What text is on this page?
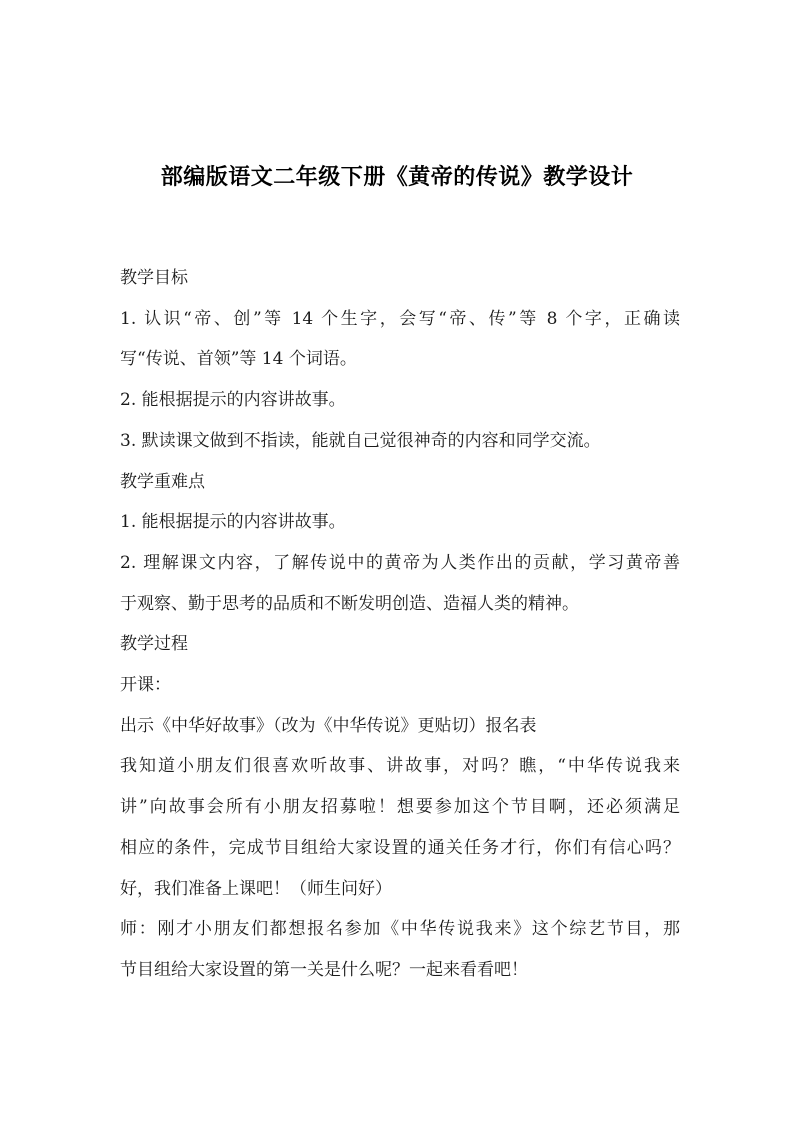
部编版语文二年级下册《黄帝的传说》教学设计
教学目标
1. 认识“帝、创”等 14 个生字，会写“帝、传”等 8 个字，正确读
写“传说、首领”等 14 个词语。
2. 能根据提示的内容讲故事。
3. 默读课文做到不指读，能就自己觉很神奇的内容和同学交流。
教学重难点
1. 能根据提示的内容讲故事。
2. 理解课文内容，了解传说中的黄帝为人类作出的贡献，学习黄帝善
于观察、勤于思考的品质和不断发明创造、造福人类的精神。
教学过程
开课：
出示《中华好故事》（改为《中华传说》更贴切）报名表
我知道小朋友们很喜欢听故事、讲故事，对吗？瞧，“中华传说我来
讲”向故事会所有小朋友招募啦！想要参加这个节目啊，还必须满足
相应的条件，完成节目组给大家设置的通关任务才行，你们有信心吗？
好，我们准备上课吧！（师生问好）
师：刚才小朋友们都想报名参加《中华传说我来》这个综艺节目，那
节目组给大家设置的第一关是什么呢？一起来看看吧！
